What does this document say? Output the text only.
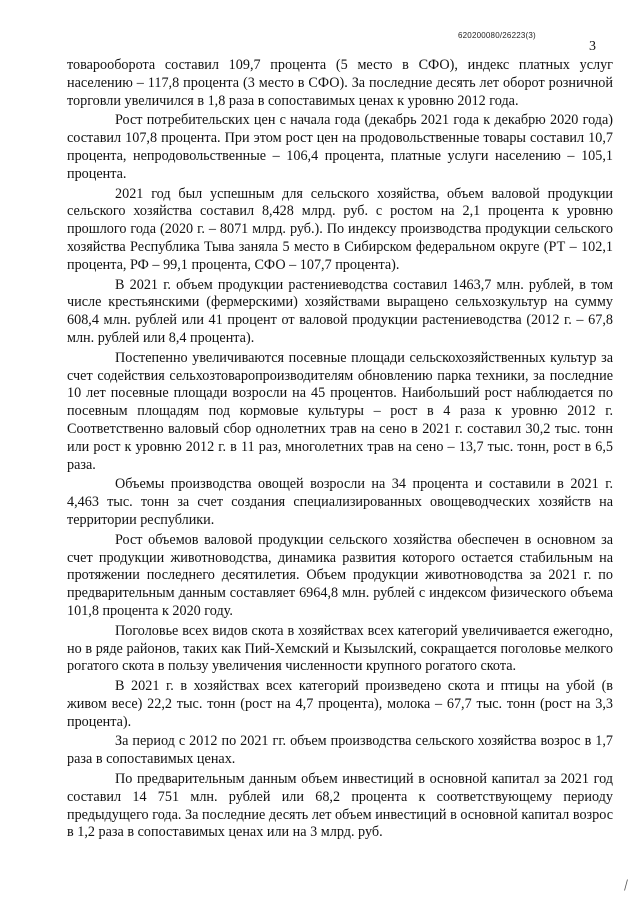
620200080/26223(3)
3

товарооборота составил 109,7 процента (5 место в СФО), индекс платных услуг населению – 117,8 процента (3 место в СФО). За последние десять лет оборот розничной торговли увеличился в 1,8 раза в сопоставимых ценах к уровню 2012 года.

Рост потребительских цен с начала года (декабрь 2021 года к декабрю 2020 года) составил 107,8 процента. При этом рост цен на продовольственные товары составил 10,7 процента, непродовольственные – 106,4 процента, платные услуги населению – 105,1 процента.

2021 год был успешным для сельского хозяйства, объем валовой продукции сельского хозяйства составил 8,428 млрд. руб. с ростом на 2,1 процента к уровню прошлого года (2020 г. – 8071 млрд. руб.). По индексу производства продукции сельского хозяйства Республика Тыва заняла 5 место в Сибирском федеральном округе (РТ – 102,1 процента, РФ – 99,1 процента, СФО – 107,7 процента).

В 2021 г. объем продукции растениеводства составил 1463,7 млн. рублей, в том числе крестьянскими (фермерскими) хозяйствами выращено сельхозкультур на сумму 608,4 млн. рублей или 41 процент от валовой продукции растениеводства (2012 г. – 67,8 млн. рублей или 8,4 процента).

Постепенно увеличиваются посевные площади сельскохозяйственных культур за счет содействия сельхозтоваропроизводителям обновлению парка техники, за последние 10 лет посевные площади возросли на 45 процентов. Наибольший рост наблюдается по посевным площадям под кормовые культуры – рост в 4 раза к уровню 2012 г. Соответственно валовый сбор однолетних трав на сено в 2021 г. составил 30,2 тыс. тонн или рост к уровню 2012 г. в 11 раз, многолетних трав на сено – 13,7 тыс. тонн, рост в 6,5 раза.

Объемы производства овощей возросли на 34 процента и составили в 2021 г. 4,463 тыс. тонн за счет создания специализированных овощеводческих хозяйств на территории республики.

Рост объемов валовой продукции сельского хозяйства обеспечен в основном за счет продукции животноводства, динамика развития которого остается стабильным на протяжении последнего десятилетия. Объем продукции животноводства за 2021 г. по предварительным данным составляет 6964,8 млн. рублей с индексом физического объема 101,8 процента к 2020 году.

Поголовье всех видов скота в хозяйствах всех категорий увеличивается ежегодно, но в ряде районов, таких как Пий-Хемский и Кызылский, сокращается поголовье мелкого рогатого скота в пользу увеличения численности крупного рогатого скота.

В 2021 г. в хозяйствах всех категорий произведено скота и птицы на убой (в живом весе) 22,2 тыс. тонн (рост на 4,7 процента), молока – 67,7 тыс. тонн (рост на 3,3 процента).

За период с 2012 по 2021 гг. объем производства сельского хозяйства возрос в 1,7 раза в сопоставимых ценах.

По предварительным данным объем инвестиций в основной капитал за 2021 год составил 14 751 млн. рублей или 68,2 процента к соответствующему периоду предыдущего года. За последние десять лет объем инвестиций в основной капитал возрос в 1,2 раза в сопоставимых ценах или на 3 млрд. руб.
